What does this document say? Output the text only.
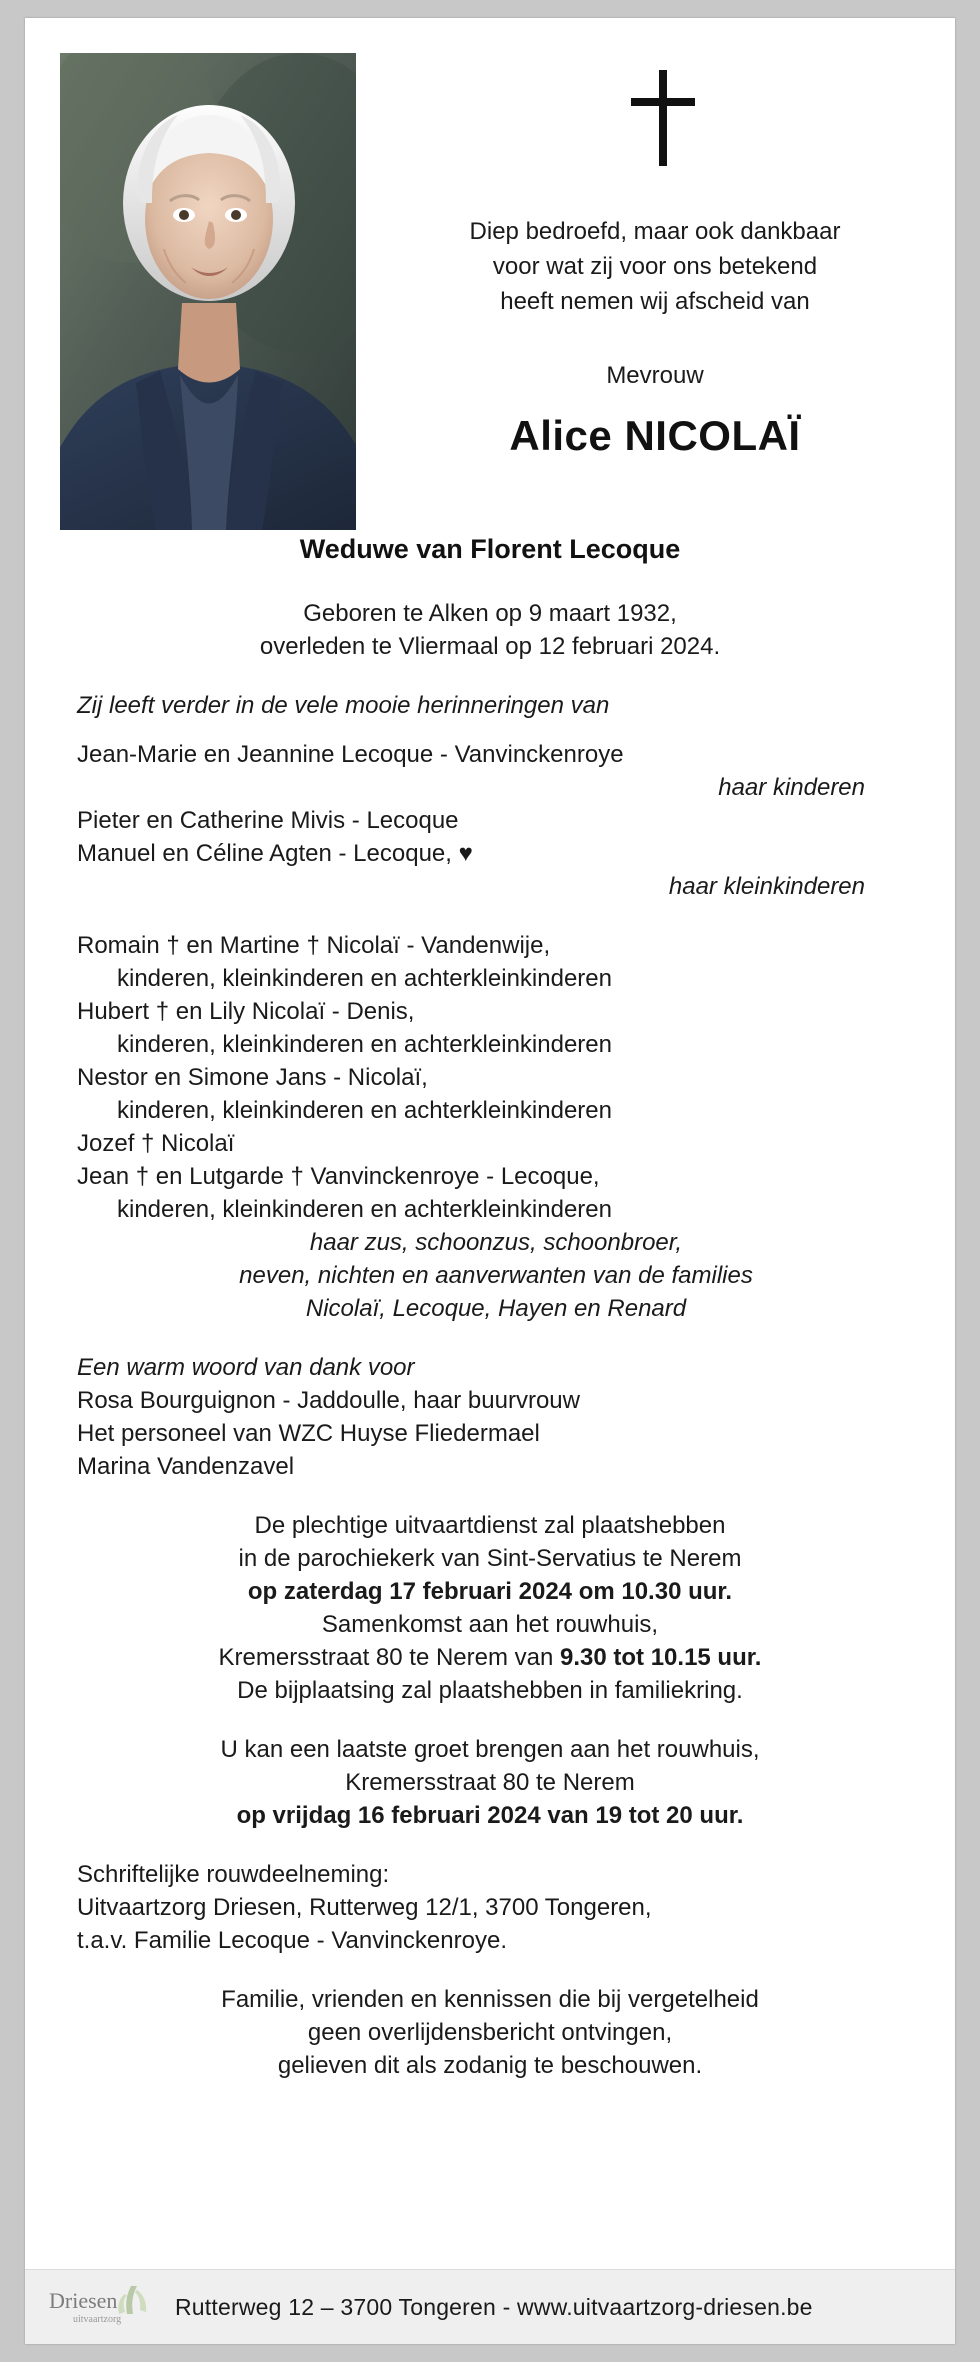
Diep bedroefd, maar ook dankbaar
voor wat zij voor ons betekend
heeft nemen wij afscheid van
Mevrouw
Alice NICOLAÏ
Weduwe van Florent Lecoque
Geboren te Alken op 9 maart 1932,
overleden te Vliermaal op 12 februari 2024.
Zij leeft verder in de vele mooie herinneringen van
Jean-Marie en Jeannine Lecoque - Vanvinckenroye
haar kinderen
Pieter en Catherine Mivis - Lecoque
Manuel en Céline Agten - Lecoque, ♥
haar kleinkinderen
Romain † en Martine † Nicolaï - Vandenwije,
kinderen, kleinkinderen en achterkleinkinderen
Hubert † en Lily Nicolaï - Denis,
kinderen, kleinkinderen en achterkleinkinderen
Nestor en Simone Jans - Nicolaï,
kinderen, kleinkinderen en achterkleinkinderen
Jozef † Nicolaï
Jean † en Lutgarde † Vanvinckenroye - Lecoque,
kinderen, kleinkinderen en achterkleinkinderen
haar zus, schoonzus, schoonbroer,
neven, nichten en aanverwanten van de families
Nicolaï, Lecoque, Hayen en Renard
Een warm woord van dank voor
Rosa Bourguignon - Jaddoulle, haar buurvrouw
Het personeel van WZC Huyse Fliedermael
Marina Vandenzavel
De plechtige uitvaartdienst zal plaatshebben
in de parochiekerk van Sint-Servatius te Nerem
op zaterdag 17 februari 2024 om 10.30 uur.
Samenkomst aan het rouwhuis,
Kremersstraat 80 te Nerem van 9.30 tot 10.15 uur.
De bijplaatsing zal plaatshebben in familiekring.
U kan een laatste groet brengen aan het rouwhuis,
Kremersstraat 80 te Nerem
op vrijdag 16 februari 2024 van 19 tot 20 uur.
Schriftelijke rouwdeelneming:
Uitvaartzorg Driesen, Rutterweg 12/1, 3700 Tongeren,
t.a.v. Familie Lecoque - Vanvinckenroye.
Familie, vrienden en kennissen die bij vergetelheid
geen overlijdensbericht ontvingen,
gelieven dit als zodanig te beschouwen.
Driesen
uitvaartzorg Rutterweg 12 – 3700 Tongeren - www.uitvaartzorg-driesen.be
